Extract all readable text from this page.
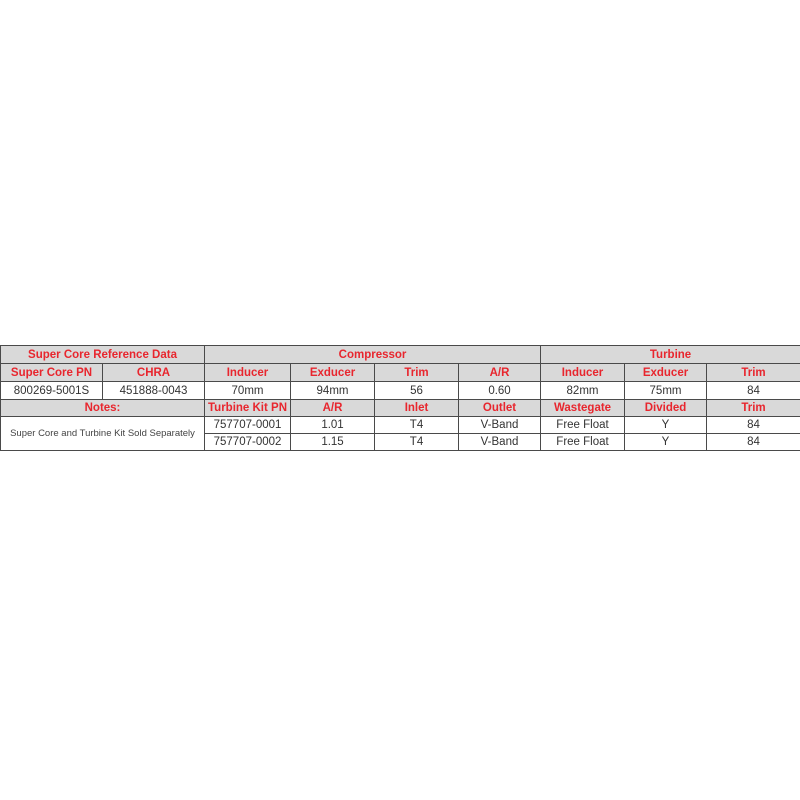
Super Core Reference Data		Compressor				Turbine		
Super Core PN	CHRA	Inducer	Exducer	Trim	A/R	Inducer	Exducer	Trim
800269-5001S	451888-0043	70mm	94mm	56	0.60	82mm	75mm	84
Notes:		Turbine Kit PN	A/R	Inlet	Outlet	Wastegate	Divided	Trim
Super Core and Turbine Kit Sold Separately		757707-0001	1.01	T4	V-Band	Free Float	Y	84
		757707-0002	1.15	T4	V-Band	Free Float	Y	84
